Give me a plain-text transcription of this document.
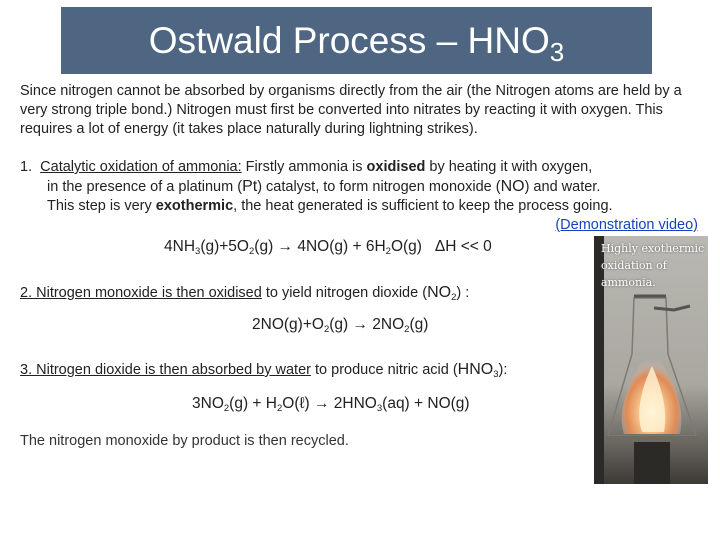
Ostwald Process – $HNO_3$
Since nitrogen cannot be absorbed by organisms directly from the air (the Nitrogen atoms are held by a very strong triple bond.) Nitrogen must first be converted into nitrates by reacting it with oxygen. This requires a lot of energy (it takes place naturally during lightning strikes).
1. Catalytic oxidation of ammonia: Firstly ammonia is oxidised by heating it with oxygen,
in the presence of a platinum (Pt) catalyst, to form nitrogen monoxide (NO) and water.
This step is very exothermic, the heat generated is sufficient to keep the process going.
(Demonstration video)
$4NH_3(g)+5O_2(g) \to 4NO(g) + 6H_2O(g) \Delta H << 0$
2. Nitrogen monoxide is then oxidised to yield nitrogen dioxide $(NO_2)$ :
$2NO(g)+O_2(g) \to 2NO_2(g)$
3. Nitrogen dioxide is then absorbed by water to produce nitric acid $(HNO_3)$:
$3NO_2(g)$ + $H_2O(\ell) \to 2HNO_3(aq) + NO(g)$
The nitrogen monoxide by product is then recycled.
Highly exothermic oxidation of ammonia.
